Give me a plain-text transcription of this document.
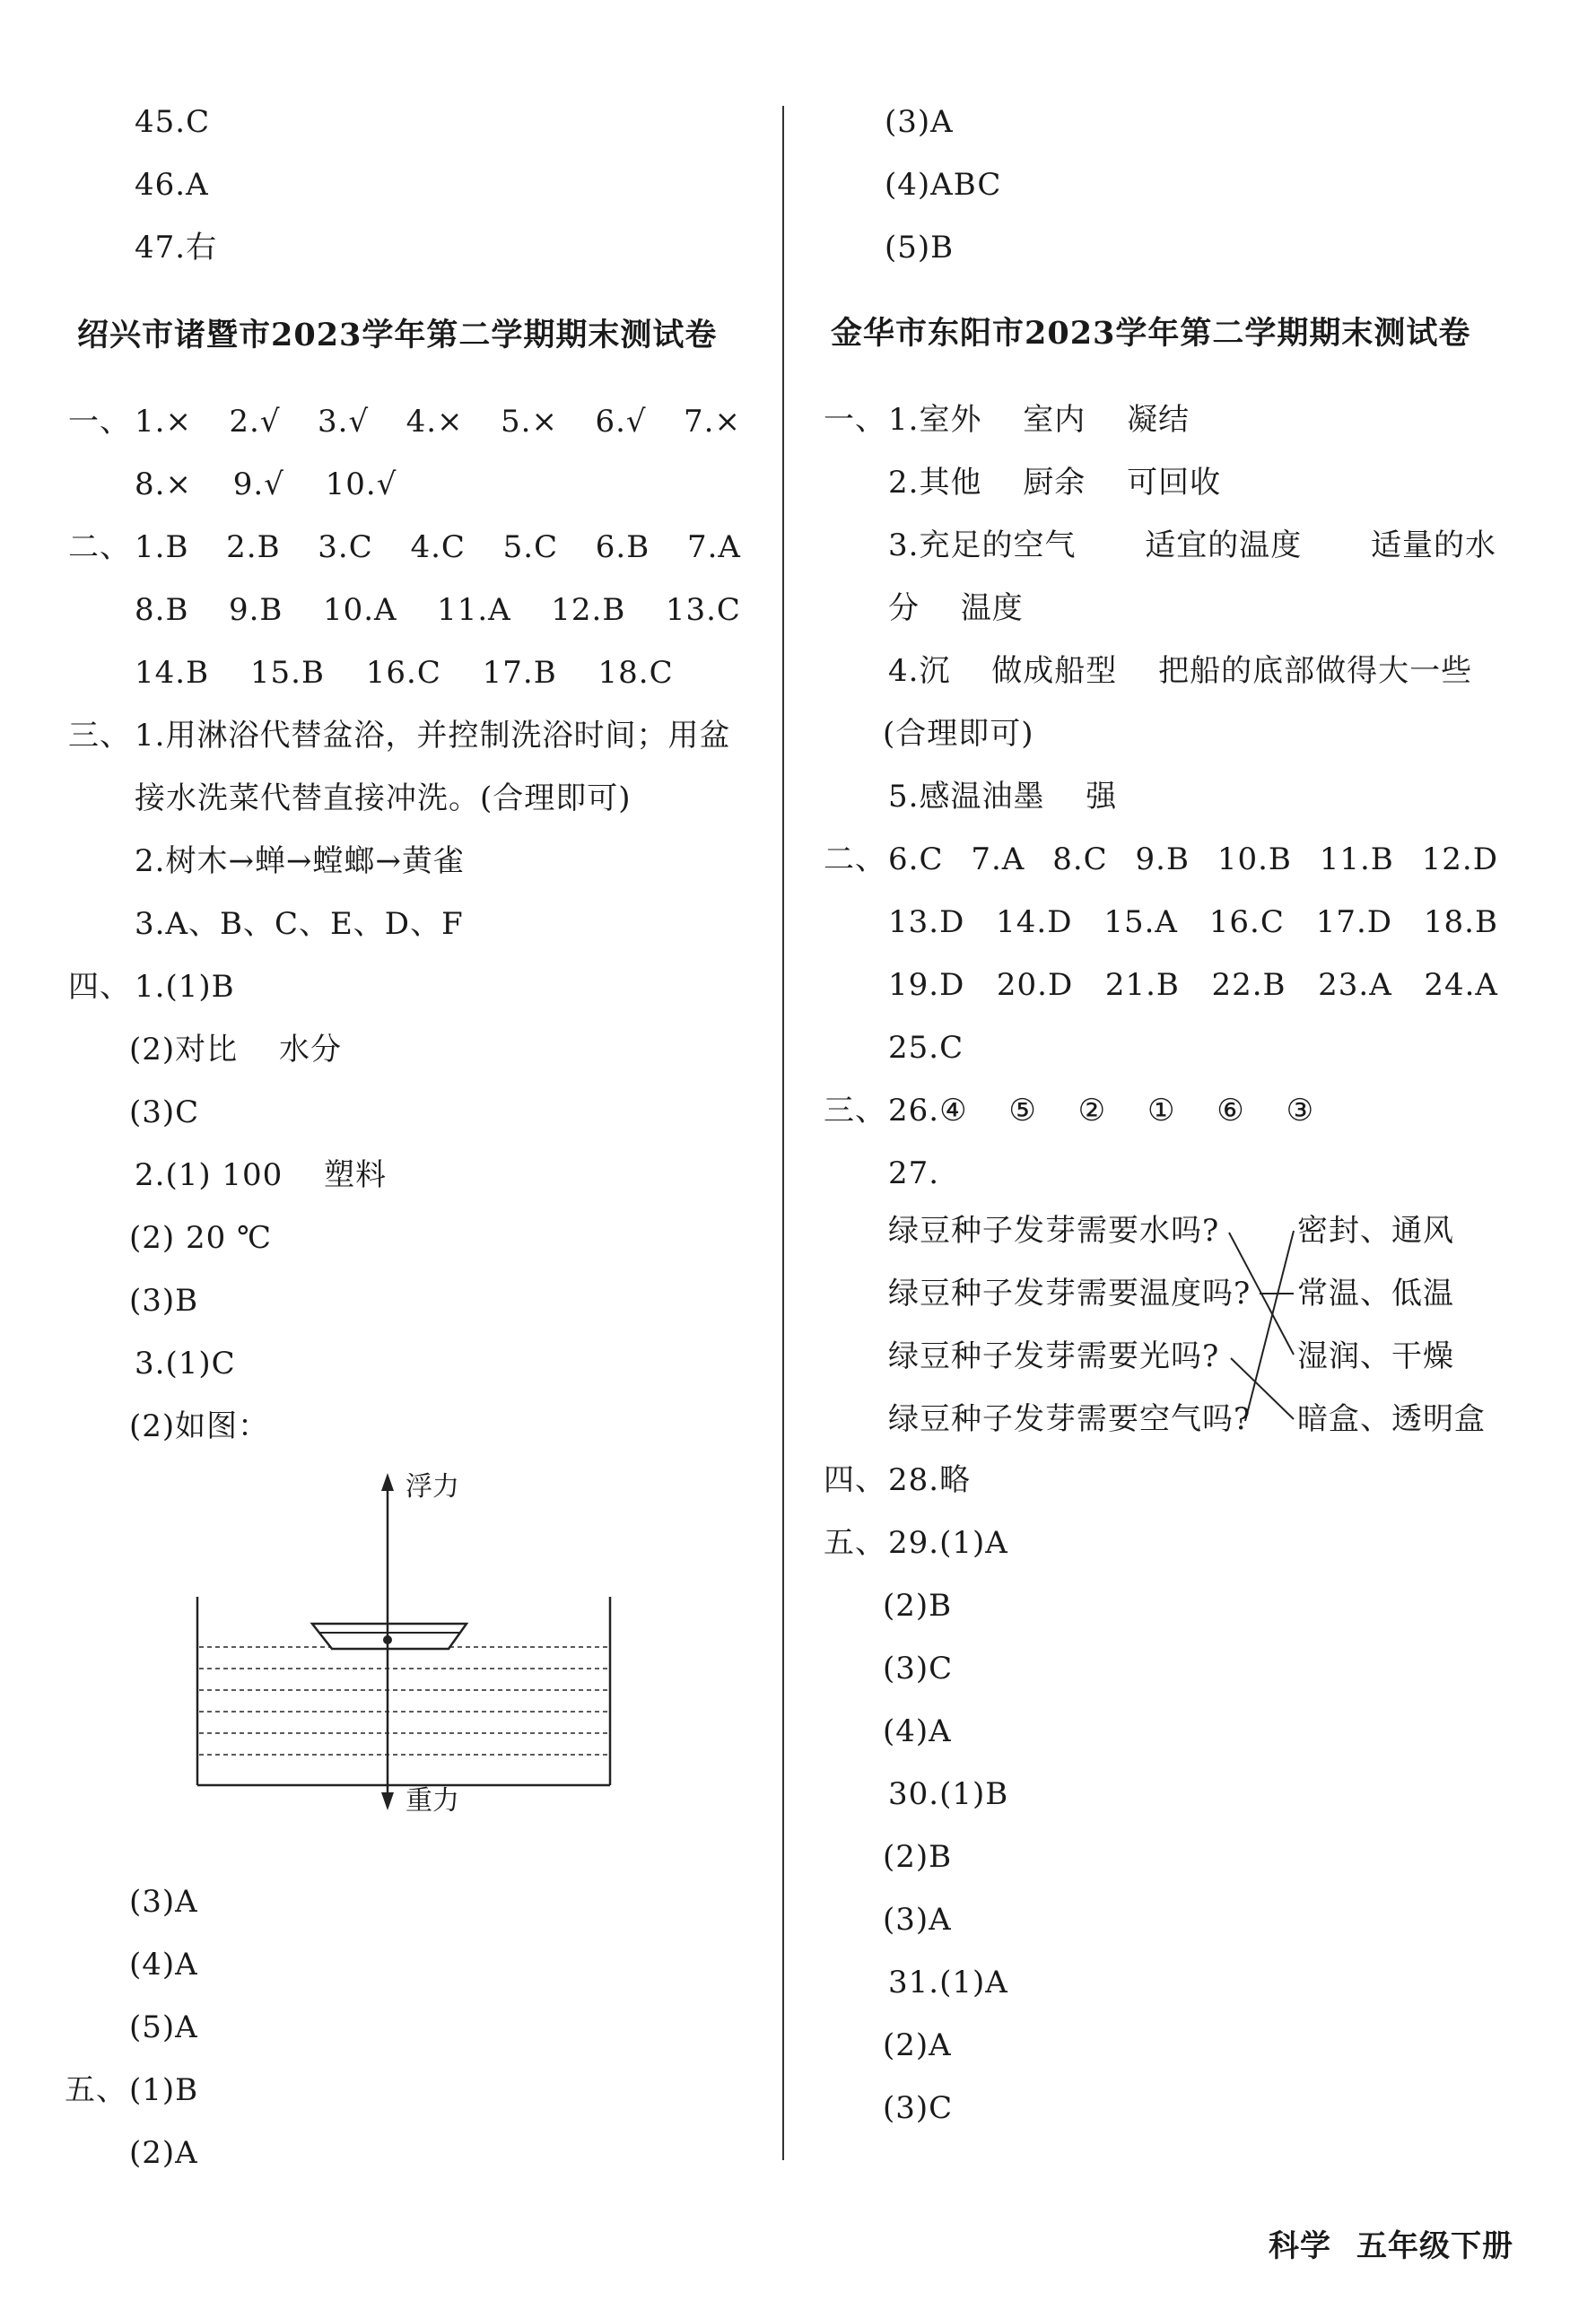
45.C
46.A
47.右
绍兴市诸暨市2023学年第二学期期末测试卷
一、 1.× 2.√ 3.√ 4.× 5.× 6.√ 7.×
8.× 9.√ 10.√
二、 1.B 2.B 3.C 4.C 5.C 6.B 7.A
8.B 9.B 10.A 11.A 12.B 13.C
14.B 15.B 16.C 17.B 18.C
三、 1.用淋浴代替盆浴，并控制洗浴时间；用盆
接水洗菜代替直接冲洗。(合理即可)
2.树木→蝉→螳螂→黄雀
3.A、B、C、E、D、F
四、 1.(1)B
(2)对比 水分
(3)C
2.(1) 100 塑料
(2) 20 ℃
(3)B
3.(1)C
(2)如图：
浮力
重力
(3)A
(4)A
(5)A
五、 (1)B
(2)A
(3)A
(4)ABC
(5)B
金华市东阳市2023学年第二学期期末测试卷
一、 1.室外 室内 凝结
2.其他 厨余 可回收
3.充足的空气 适宜的温度 适量的水
分 温度
4.沉 做成船型 把船的底部做得大一些
(合理即可)
5.感温油墨 强
二、 6.C 7.A 8.C 9.B 10.B 11.B 12.D
13.D 14.D 15.A 16.C 17.D 18.B
19.D 20.D 21.B 22.B 23.A 24.A
25.C
三、 26.④ ⑤ ② ① ⑥ ③
27.
绿豆种子发芽需要水吗?
绿豆种子发芽需要温度吗?
绿豆种子发芽需要光吗?
绿豆种子发芽需要空气吗?
密封、通风
常温、低温
湿润、干燥
暗盒、透明盒
四、 28.略
五、 29.(1)A
(2)B
(3)C
(4)A
30.(1)B
(2)B
(3)A
31.(1)A
(2)A
(3)C
科学 五年级下册
